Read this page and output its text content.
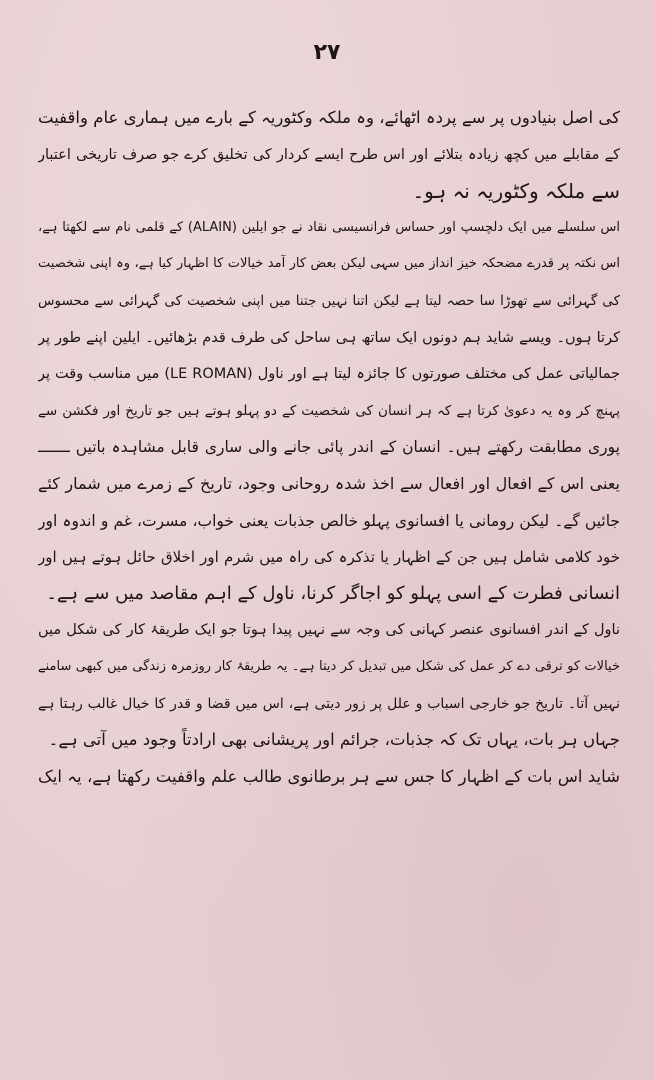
۲۷
کی اصل بنیادوں پر سے پردہ اٹھائے، وہ ملکہ وکٹوریہ کے بارے میں ہماری عام واقفیت
کے مقابلے میں کچھ زیادہ بتلائے اور اس طرح ایسے کردار کی تخلیق کرے جو صرف تاریخی اعتبار
سے ملکہ وکٹوریہ نہ ہو۔
اس سلسلے میں ایک دلچسپ اور حساس فرانسیسی نقاد نے جو ایلین (ALAIN) کے قلمی نام سے لکھتا ہے،
اس نکتہ پر قدرے مضحکہ خیز انداز میں سہی لیکن بعض کار آمد خیالات کا اظہار کیا ہے، وہ اپنی شخصیت
کی گہرائی سے تھوڑا سا حصہ لیتا ہے لیکن اتنا نہیں جتنا میں اپنی شخصیت کی گہرائی سے محسوس
کرتا ہوں۔ ویسے شاید ہم دونوں ایک ساتھ ہی ساحل کی طرف قدم بڑھائیں۔ ایلین اپنے طور پر
جمالیاتی عمل کی مختلف صورتوں کا جائزہ لیتا ہے اور ناول (LE ROMAN) میں مناسب وقت پر
پہنچ کر وہ یہ دعویٰ کرتا ہے کہ ہر انسان کی شخصیت کے دو پہلو ہوتے ہیں جو تاریخ اور فکشن سے
پوری مطابقت رکھتے ہیں۔ انسان کے اندر پائی جانے والی ساری قابل مشاہدہ باتیں ـــــــ
یعنی اس کے افعال اور افعال سے اخذ شدہ روحانی وجود، تاریخ کے زمرے میں شمار کئے
جائیں گے۔ لیکن رومانی یا افسانوی پہلو خالص جذبات یعنی خواب، مسرت، غم و اندوہ اور
خود کلامی شامل ہیں جن کے اظہار یا تذکرہ کی راہ میں شرم اور اخلاق حائل ہوتے ہیں اور
انسانی فطرت کے اسی پہلو کو اجاگر کرنا، ناول کے اہم مقاصد میں سے ہے۔
ناول کے اندر افسانوی عنصر کہانی کی وجہ سے نہیں پیدا ہوتا جو ایک طریقۂ کار کی شکل میں
خیالات کو ترقی دے کر عمل کی شکل میں تبدیل کر دیتا ہے۔ یہ طریقۂ کار روزمرہ زندگی میں کبھی سامنے
نہیں آتا۔ تاریخ جو خارجی اسباب و علل پر زور دیتی ہے، اس میں قضا و قدر کا خیال غالب رہتا ہے
جہاں ہر بات، یہاں تک کہ جذبات، جرائم اور پریشانی بھی ارادتاً وجود میں آتی ہے۔
شاید اس بات کے اظہار کا جس سے ہر برطانوی طالب علم واقفیت رکھتا ہے، یہ ایک
